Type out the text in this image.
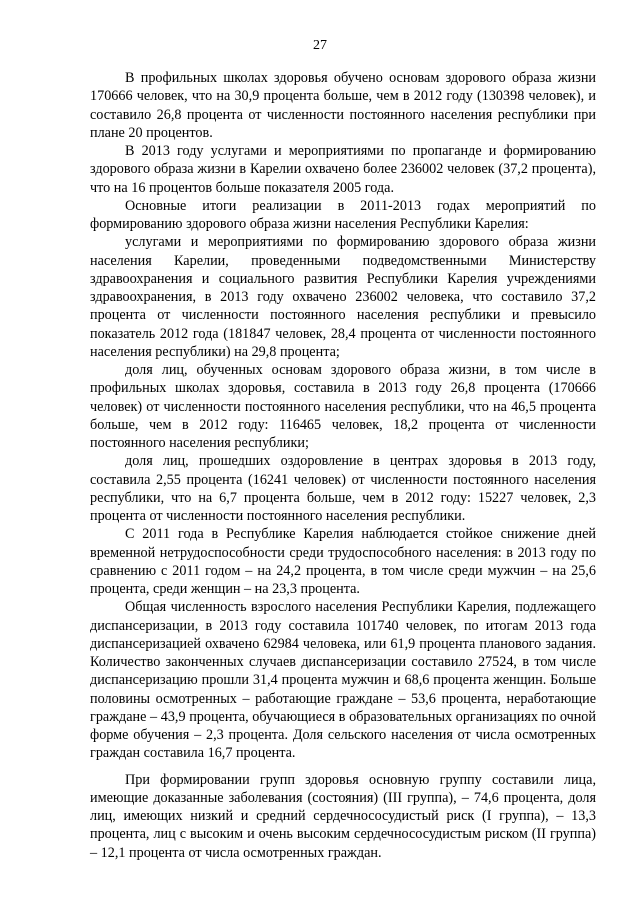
27

В профильных школах здоровья обучено основам здорового образа жизни 170666 человек, что на 30,9 процента больше, чем в 2012 году (130398 человек), и составило 26,8 процента от численности постоянного населения республики при плане 20 процентов.

В 2013 году услугами и мероприятиями по пропаганде и формированию здорового образа жизни в Карелии охвачено более 236002 человек (37,2 процента), что на 16 процентов больше показателя 2005 года.

Основные итоги реализации в 2011-2013 годах мероприятий по формированию здорового образа жизни населения Республики Карелия:

услугами и мероприятиями по формированию здорового образа жизни населения Карелии, проведенными подведомственными Министерству здравоохранения и социального развития Республики Карелия учреждениями здравоохранения, в 2013 году охвачено 236002 человека, что составило 37,2 процента от численности постоянного населения республики и превысило показатель 2012 года (181847 человек, 28,4 процента от численности постоянного населения республики) на 29,8 процента;

доля лиц, обученных основам здорового образа жизни, в том числе в профильных школах здоровья, составила в 2013 году 26,8 процента (170666 человек) от численности постоянного населения республики, что на 46,5 процента больше, чем в 2012 году: 116465 человек, 18,2 процента от численности постоянного населения республики;

доля лиц, прошедших оздоровление в центрах здоровья в 2013 году, составила 2,55 процента (16241 человек) от численности постоянного населения республики, что на 6,7 процента больше, чем в 2012 году: 15227 человек, 2,3 процента от численности постоянного населения республики.

С 2011 года в Республике Карелия наблюдается стойкое снижение дней временной нетрудоспособности среди трудоспособного населения: в 2013 году по сравнению с 2011 годом – на 24,2 процента, в том числе среди мужчин – на 25,6 процента, среди женщин – на 23,3 процента.

Общая численность взрослого населения Республики Карелия, подлежащего диспансеризации, в 2013 году составила 101740 человек, по итогам 2013 года диспансеризацией охвачено 62984 человека, или 61,9 процента планового задания. Количество законченных случаев диспансеризации составило 27524, в том числе диспансеризацию прошли 31,4 процента мужчин и 68,6 процента женщин. Больше половины осмотренных – работающие граждане – 53,6 процента, неработающие граждане – 43,9 процента, обучающиеся в образовательных организациях по очной форме обучения – 2,3 процента. Доля сельского населения от числа осмотренных граждан составила 16,7 процента.

При формировании групп здоровья основную группу составили лица, имеющие доказанные заболевания (состояния) (III группа), – 74,6 процента, доля лиц, имеющих низкий и средний сердечнососудистый риск (I группа), – 13,3 процента, лиц с высоким и очень высоким сердечнососудистым риском (II группа) – 12,1 процента от числа осмотренных граждан.
